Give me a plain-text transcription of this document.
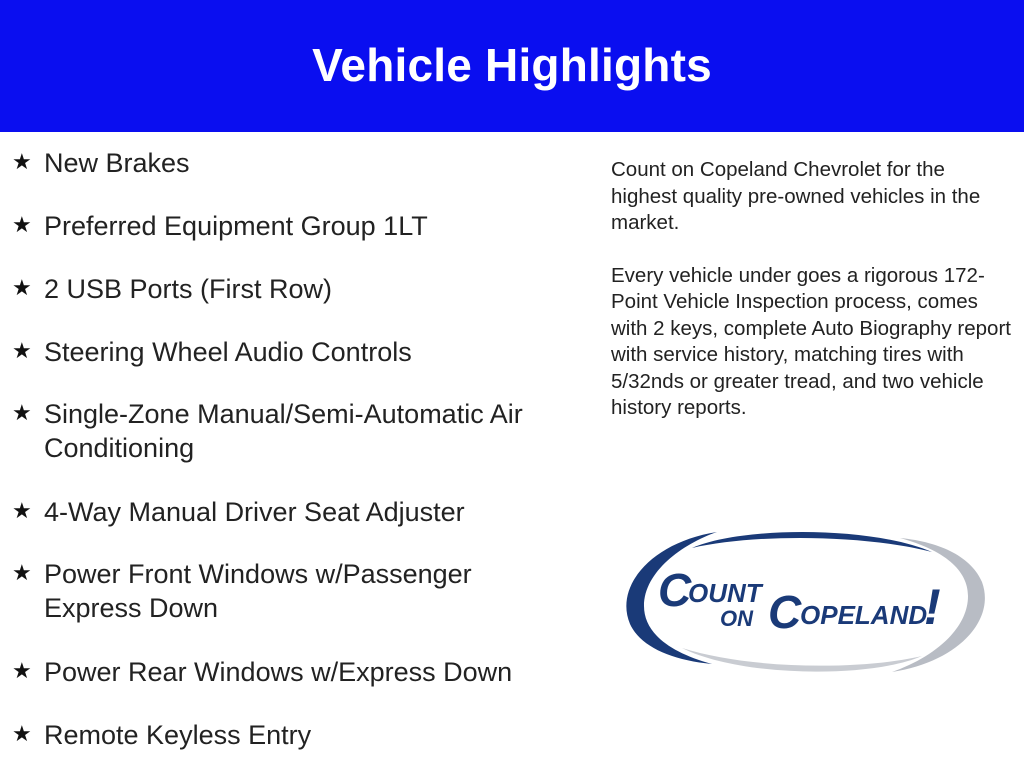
Vehicle Highlights
★ New Brakes
★ Preferred Equipment Group 1LT
★ 2 USB Ports (First Row)
★ Steering Wheel Audio Controls
★ Single-Zone Manual/Semi-Automatic Air Conditioning
★ 4-Way Manual Driver Seat Adjuster
★ Power Front Windows w/Passenger Express Down
★ Power Rear Windows w/Express Down
★ Remote Keyless Entry

Count on Copeland Chevrolet for the highest quality pre-owned vehicles in the market.

Every vehicle under goes a rigorous 172-Point Vehicle Inspection process, comes with 2 keys, complete Auto Biography report with service history, matching tires with 5/32nds or greater tread, and two vehicle history reports.

C
OUNT
ON C
OPELAND
!
